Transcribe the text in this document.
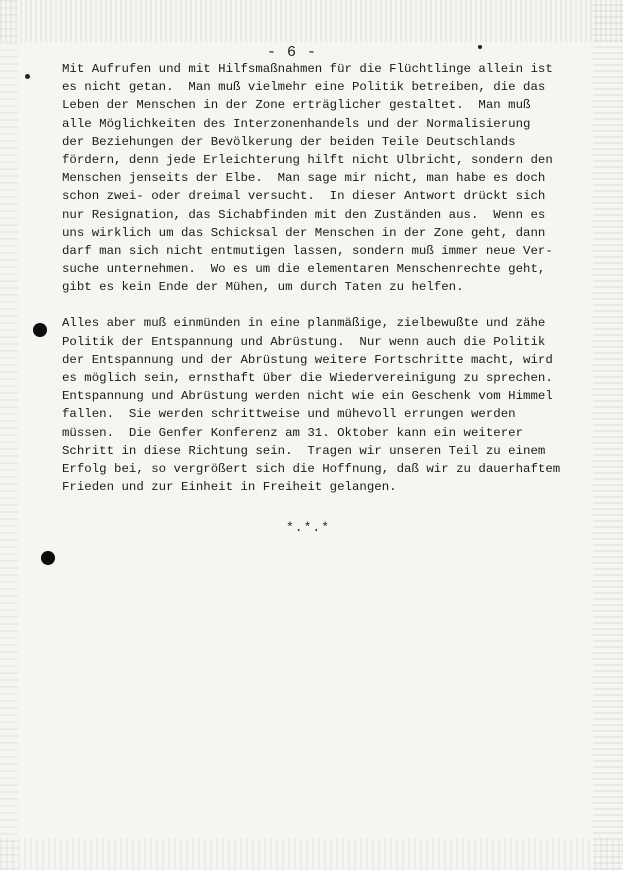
- 6 -
Mit Aufrufen und mit Hilfsmaßnahmen für die Flüchtlinge allein ist
es nicht getan.  Man muß vielmehr eine Politik betreiben, die das
Leben der Menschen in der Zone erträglicher gestaltet.  Man muß
alle Möglichkeiten des Interzonenhandels und der Normalisierung
der Beziehungen der Bevölkerung der beiden Teile Deutschlands
fördern, denn jede Erleichterung hilft nicht Ulbricht, sondern den
Menschen jenseits der Elbe.  Man sage mir nicht, man habe es doch
schon zwei- oder dreimal versucht.  In dieser Antwort drückt sich
nur Resignation, das Sichabfinden mit den Zuständen aus.  Wenn es
uns wirklich um das Schicksal der Menschen in der Zone geht, dann
darf man sich nicht entmutigen lassen, sondern muß immer neue Ver-
suche unternehmen.  Wo es um die elementaren Menschenrechte geht,
gibt es kein Ende der Mühen, um durch Taten zu helfen.
Alles aber muß einmünden in eine planmäßige, zielbewußte und zähe
Politik der Entspannung und Abrüstung.  Nur wenn auch die Politik
der Entspannung und der Abrüstung weitere Fortschritte macht, wird
es möglich sein, ernsthaft über die Wiedervereinigung zu sprechen.
Entspannung und Abrüstung werden nicht wie ein Geschenk vom Himmel
fallen.  Sie werden schrittweise und mühevoll errungen werden
müssen.  Die Genfer Konferenz am 31. Oktober kann ein weiterer
Schritt in diese Richtung sein.  Tragen wir unseren Teil zu einem
Erfolg bei, so vergrößert sich die Hoffnung, daß wir zu dauerhaftem
Frieden und zur Einheit in Freiheit gelangen.
*.*.*
